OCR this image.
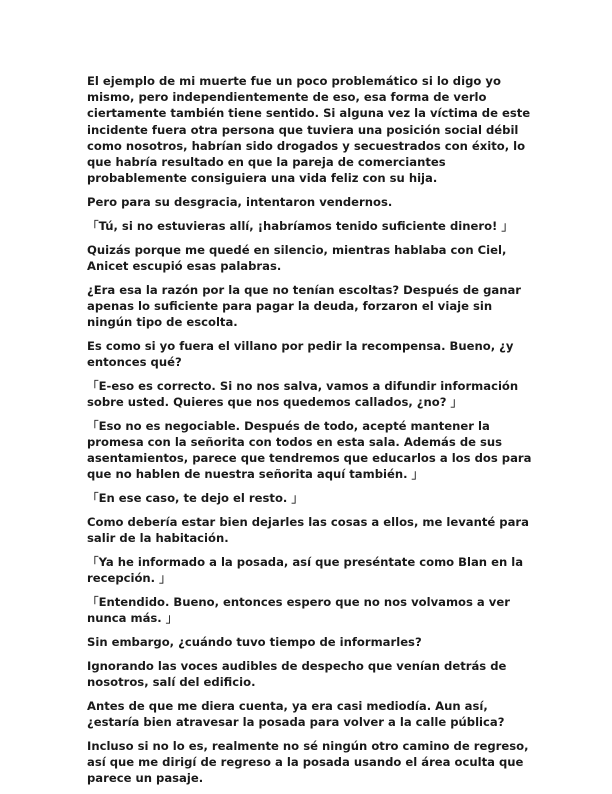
El ejemplo de mi muerte fue un poco problemático si lo digo yo mismo, pero independientemente de eso, esa forma de verlo ciertamente también tiene sentido. Si alguna vez la víctima de este incidente fuera otra persona que tuviera una posición social débil como nosotros, habrían sido drogados y secuestrados con éxito, lo que habría resultado en que la pareja de comerciantes probablemente consiguiera una vida feliz con su hija.

Pero para su desgracia, intentaron vendernos.

「Tú, si no estuvieras allí, ¡habríamos tenido suficiente dinero! 」

Quizás porque me quedé en silencio, mientras hablaba con Ciel, Anicet escupió esas palabras.

¿Era esa la razón por la que no tenían escoltas? Después de ganar apenas lo suficiente para pagar la deuda, forzaron el viaje sin ningún tipo de escolta.

Es como si yo fuera el villano por pedir la recompensa. Bueno, ¿y entonces qué?

「E-eso es correcto. Si no nos salva, vamos a difundir información sobre usted. Quieres que nos quedemos callados, ¿no? 」

「Eso no es negociable. Después de todo, acepté mantener la promesa con la señorita con todos en esta sala. Además de sus asentamientos, parece que tendremos que educarlos a los dos para que no hablen de nuestra señorita aquí también. 」

「En ese caso, te dejo el resto. 」

Como debería estar bien dejarles las cosas a ellos, me levanté para salir de la habitación.

「Ya he informado a la posada, así que preséntate como Blan en la recepción. 」

「Entendido. Bueno, entonces espero que no nos volvamos a ver nunca más. 」

Sin embargo, ¿cuándo tuvo tiempo de informarles?

Ignorando las voces audibles de despecho que venían detrás de nosotros, salí del edificio.

Antes de que me diera cuenta, ya era casi mediodía. Aun así, ¿estaría bien atravesar la posada para volver a la calle pública?

Incluso si no lo es, realmente no sé ningún otro camino de regreso, así que me dirigí de regreso a la posada usando el área oculta que parece un pasaje.
